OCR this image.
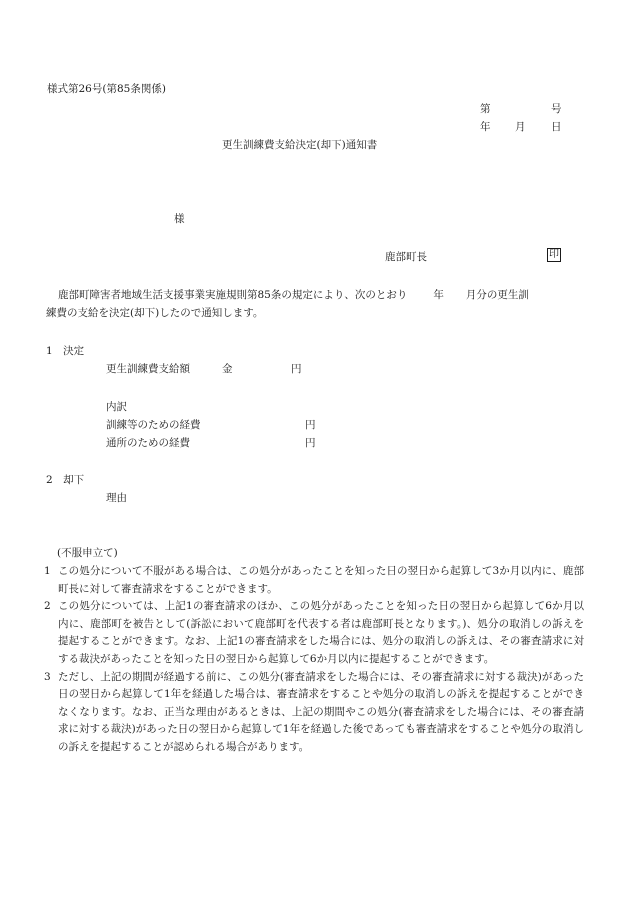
様式第26号(第85条関係)
第	号
年 月 日
更生訓練費支給決定(却下)通知書
様
鹿部町長	印
鹿部町障害者地域生活支援事業実施規則第85条の規定により、次のとおり 年 月分の更生訓
練費の支給を決定(却下)したので通知します。
1　決定
更生訓練費支給額	金	円
内訳
訓練等のための経費	円
通所のための経費	円
2　却下
理由
(不服申立て)
1 この処分について不服がある場合は、この処分があったことを知った日の翌日から起算して3か月以内に、鹿部町長に対して審査請求をすることができます。
2 この処分については、上記1の審査請求のほか、この処分があったことを知った日の翌日から起算して6か月以内に、鹿部町を被告として(訴訟において鹿部町を代表する者は鹿部町長となります。)、処分の取消しの訴えを提起することができます。なお、上記1の審査請求をした場合には、処分の取消しの訴えは、その審査請求に対する裁決があったことを知った日の翌日から起算して6か月以内に提起することができます。
3 ただし、上記の期間が経過する前に、この処分(審査請求をした場合には、その審査請求に対する裁決)があった日の翌日から起算して1年を経過した場合は、審査請求をすることや処分の取消しの訴えを提起することができなくなります。なお、正当な理由があるときは、上記の期間やこの処分(審査請求をした場合には、その審査請求に対する裁決)があった日の翌日から起算して1年を経過した後であっても審査請求をすることや処分の取消しの訴えを提起することが認められる場合があります。
